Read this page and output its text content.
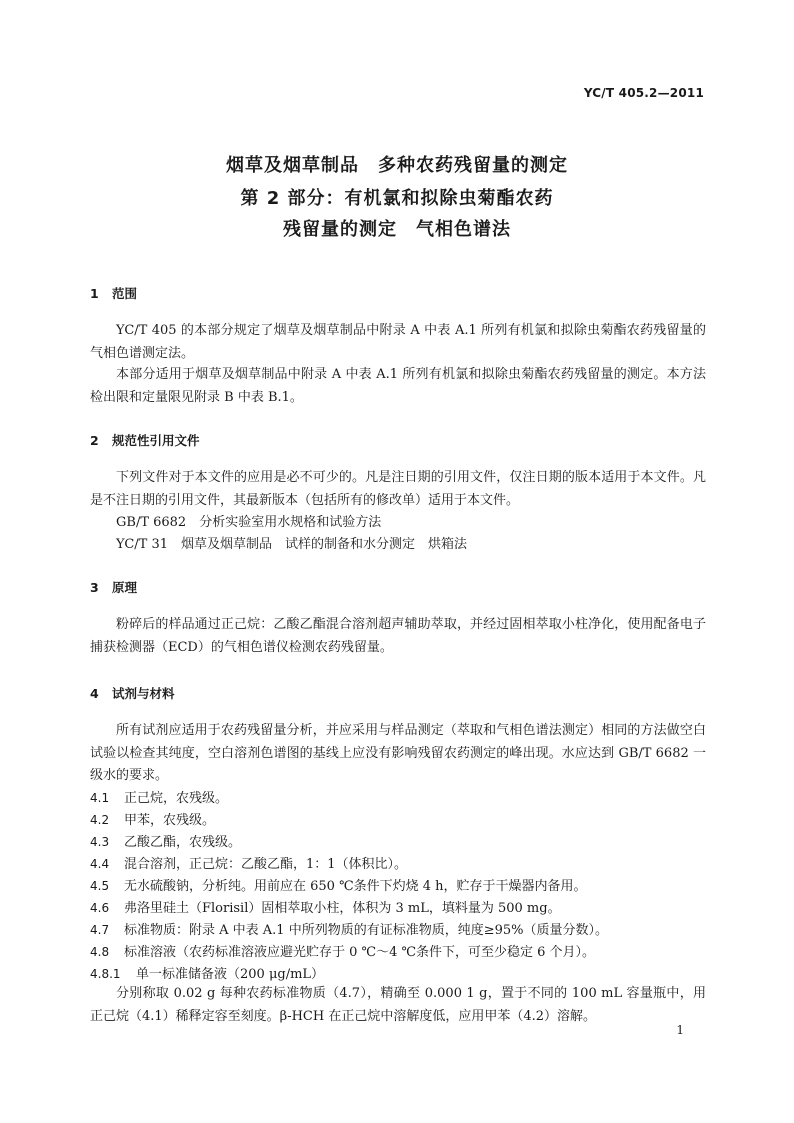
YC/T 405.2—2011
烟草及烟草制品　多种农药残留量的测定
第 2 部分：有机氯和拟除虫菊酯农药
残留量的测定　气相色谱法
1 范围
YC/T 405 的本部分规定了烟草及烟草制品中附录 A 中表 A.1 所列有机氯和拟除虫菊酯农药残留量的气相色谱测定法。
本部分适用于烟草及烟草制品中附录 A 中表 A.1 所列有机氯和拟除虫菊酯农药残留量的测定。本方法检出限和定量限见附录 B 中表 B.1。
2 规范性引用文件
下列文件对于本文件的应用是必不可少的。凡是注日期的引用文件，仅注日期的版本适用于本文件。凡是不注日期的引用文件，其最新版本（包括所有的修改单）适用于本文件。
GB/T 6682　分析实验室用水规格和试验方法
YC/T 31　烟草及烟草制品　试样的制备和水分测定　烘箱法
3 原理
粉碎后的样品通过正己烷：乙酸乙酯混合溶剂超声辅助萃取，并经过固相萃取小柱净化，使用配备电子捕获检测器（ECD）的气相色谱仪检测农药残留量。
4 试剂与材料
所有试剂应适用于农药残留量分析，并应采用与样品测定（萃取和气相色谱法测定）相同的方法做空白试验以检查其纯度，空白溶剂色谱图的基线上应没有影响残留农药测定的峰出现。水应达到 GB/T 6682 一级水的要求。
4.1 正己烷，农残级。
4.2 甲苯，农残级。
4.3 乙酸乙酯，农残级。
4.4 混合溶剂，正己烷：乙酸乙酯，1：1（体积比）。
4.5 无水硫酸钠，分析纯。用前应在 650 ℃条件下灼烧 4 h，贮存于干燥器内备用。
4.6 弗洛里硅土（Florisil）固相萃取小柱，体积为 3 mL，填料量为 500 mg。
4.7 标准物质：附录 A 中表 A.1 中所列物质的有证标准物质，纯度≥95%（质量分数）。
4.8 标准溶液（农药标准溶液应避光贮存于 0 ℃～4 ℃条件下，可至少稳定 6 个月）。
4.8.1 单一标准储备液（200 μg/mL）
分别称取 0.02 g 每种农药标准物质（4.7），精确至 0.000 1 g，置于不同的 100 mL 容量瓶中，用正己烷（4.1）稀释定容至刻度。β-HCH 在正己烷中溶解度低，应用甲苯（4.2）溶解。
1
